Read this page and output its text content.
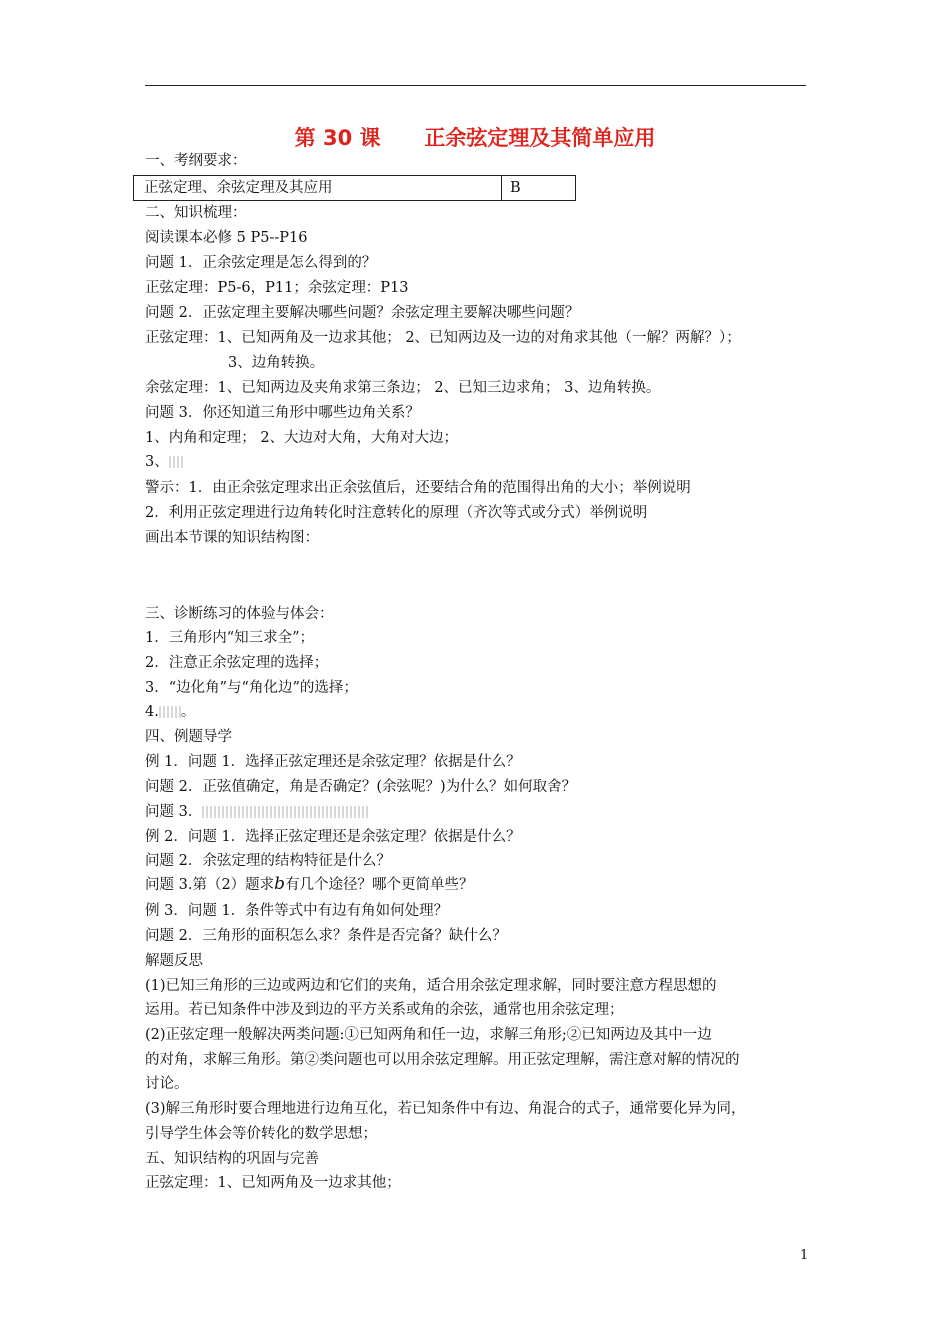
第 30 课      正余弦定理及其简单应用
一、考纲要求：
正弦定理、余弦定理及其应用	B
二、知识梳理：
阅读课本必修 5 P5--P16
问题 1．正余弦定理是怎么得到的？
正弦定理：P5-6，P11；余弦定理：P13
问题 2．正弦定理主要解决哪些问题？余弦定理主要解决哪些问题？
正弦定理：1、已知两角及一边求其他； 2、已知两边及一边的对角求其他（一解？两解？）；
3、边角转换。
余弦定理：1、已知两边及夹角求第三条边； 2、已知三边求角； 3、边角转换。
问题 3．你还知道三角形中哪些边角关系？
1、内角和定理； 2、大边对大角，大角对大边；
3、
警示：1．由正余弦定理求出正余弦值后，还要结合角的范围得出角的大小；举例说明
2．利用正弦定理进行边角转化时注意转化的原理（齐次等式或分式）举例说明
画出本节课的知识结构图：
三、诊断练习的体验与体会：
1．三角形内“知三求全”；
2．注意正余弦定理的选择；
3．“边化角”与“角化边”的选择；
4. 。
四、例题导学
例 1．问题 1．选择正弦定理还是余弦定理？依据是什么？
问题 2．正弦值确定，角是否确定？(余弦呢？)为什么？如何取舍？
问题 3．
例 2．问题 1．选择正弦定理还是余弦定理？依据是什么？
问题 2．余弦定理的结构特征是什么？
问题 3.第（2）题求b有几个途径？哪个更简单些？
例 3．问题 1．条件等式中有边有角如何处理？
问题 2．三角形的面积怎么求？条件是否完备？缺什么？
解题反思
(1)已知三角形的三边或两边和它们的夹角，适合用余弦定理求解，同时要注意方程思想的
运用。若已知条件中涉及到边的平方关系或角的余弦，通常也用余弦定理；
(2)正弦定理一般解决两类问题:①已知两角和任一边，求解三角形;②已知两边及其中一边
的对角，求解三角形。第②类问题也可以用余弦定理解。用正弦定理解，需注意对解的情况的
讨论。
(3)解三角形时要合理地进行边角互化，若已知条件中有边、角混合的式子，通常要化异为同，
引导学生体会等价转化的数学思想；
五、知识结构的巩固与完善
正弦定理：1、已知两角及一边求其他；
1
